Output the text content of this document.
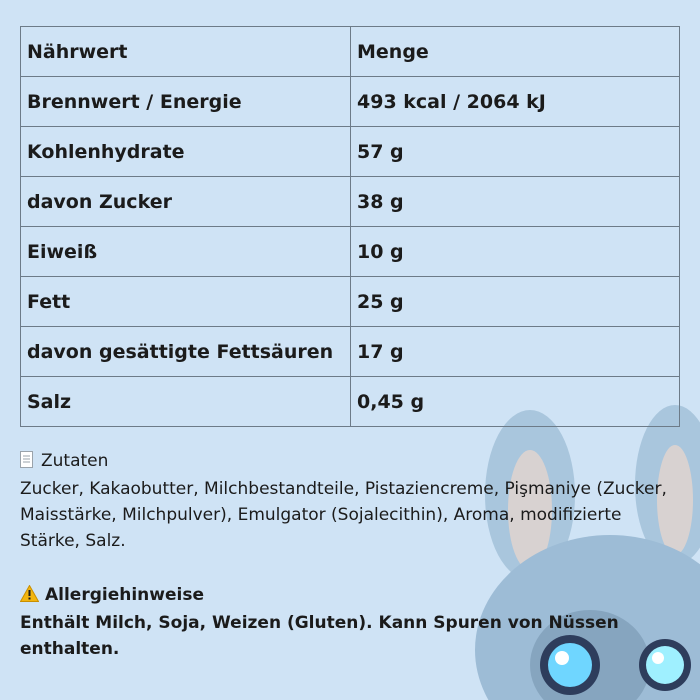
Nährwert	Menge
Brennwert / Energie	493 kcal / 2064 kJ
Kohlenhydrate	57 g
davon Zucker	38 g
Eiweiß	10 g
Fett	25 g
davon gesättigte Fettsäuren	17 g
Salz	0,45 g
Zutaten
Zucker, Kakaobutter, Milchbestandteile, Pistaziencreme, Pişmaniye (Zucker, Maisstärke, Milchpulver), Emulgator (Sojalecithin), Aroma, modifizierte Stärke, Salz.
Allergiehinweise
Enthält Milch, Soja, Weizen (Gluten). Kann Spuren von Nüssen enthalten.
